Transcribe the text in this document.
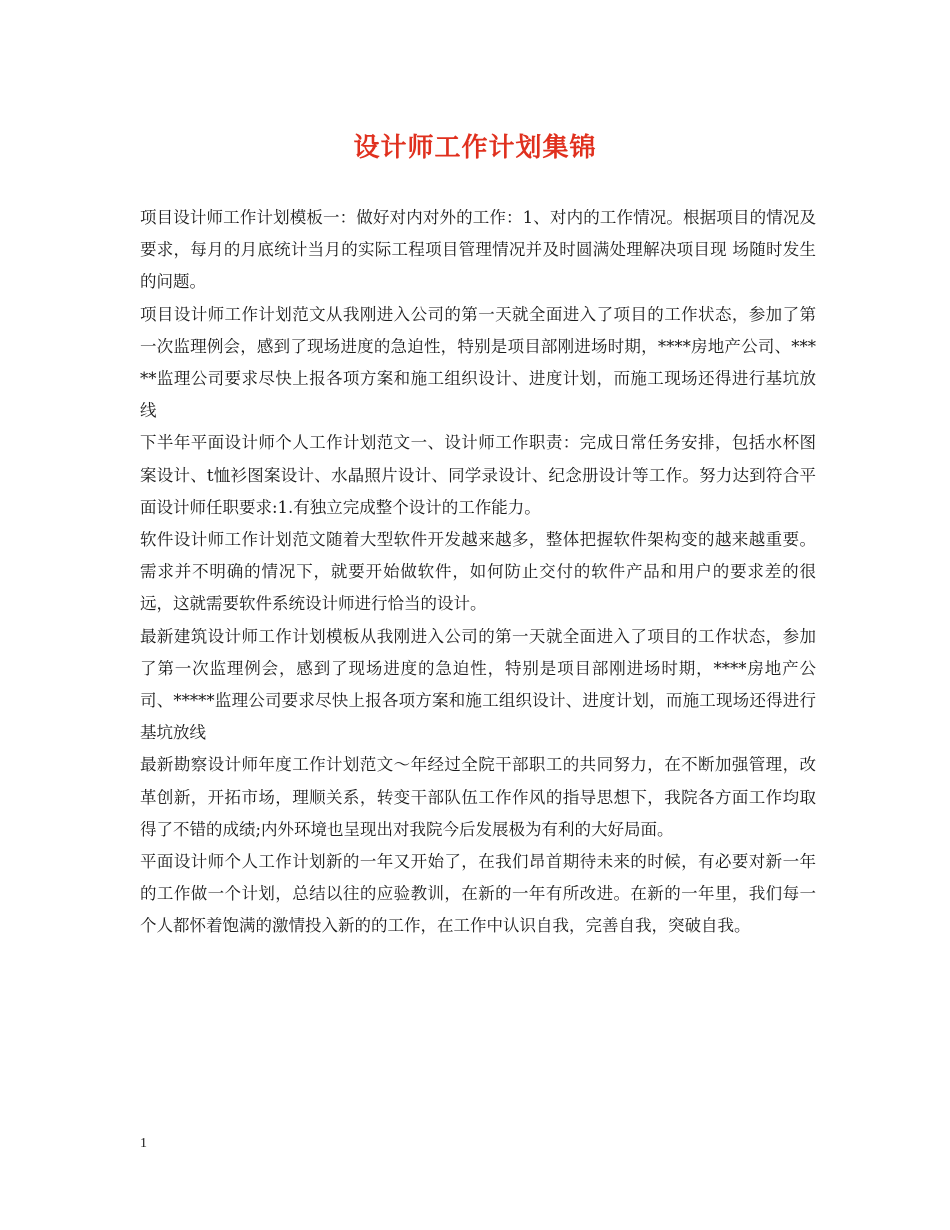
设计师工作计划集锦

项目设计师工作计划模板一：做好对内对外的工作：1、对内的工作情况。根据项目的情况及要求，每月的月底统计当月的实际工程项目管理情况并及时圆满处理解决项目现 场随时发生的问题。

项目设计师工作计划范文从我刚进入公司的第一天就全面进入了项目的工作状态，参加了第一次监理例会，感到了现场进度的急迫性，特别是项目部刚进场时期，****房地产公司、*****监理公司要求尽快上报各项方案和施工组织设计、进度计划，而施工现场还得进行基坑放线

下半年平面设计师个人工作计划范文一、设计师工作职责：完成日常任务安排，包括水杯图案设计、t恤衫图案设计、水晶照片设计、同学录设计、纪念册设计等工作。努力达到符合平面设计师任职要求:1.有独立完成整个设计的工作能力。

软件设计师工作计划范文随着大型软件开发越来越多，整体把握软件架构变的越来越重要。需求并不明确的情况下，就要开始做软件，如何防止交付的软件产品和用户的要求差的很远，这就需要软件系统设计师进行恰当的设计。

最新建筑设计师工作计划模板从我刚进入公司的第一天就全面进入了项目的工作状态，参加了第一次监理例会，感到了现场进度的急迫性，特别是项目部刚进场时期，****房地产公司、*****监理公司要求尽快上报各项方案和施工组织设计、进度计划，而施工现场还得进行基坑放线

最新勘察设计师年度工作计划范文～年经过全院干部职工的共同努力，在不断加强管理，改革创新，开拓市场，理顺关系，转变干部队伍工作作风的指导思想下，我院各方面工作均取得了不错的成绩;内外环境也呈现出对我院今后发展极为有利的大好局面。

平面设计师个人工作计划新的一年又开始了，在我们昂首期待未来的时候，有必要对新一年的工作做一个计划，总结以往的应验教训，在新的一年有所改进。在新的一年里，我们每一个人都怀着饱满的激情投入新的的工作，在工作中认识自我，完善自我，突破自我。

1
